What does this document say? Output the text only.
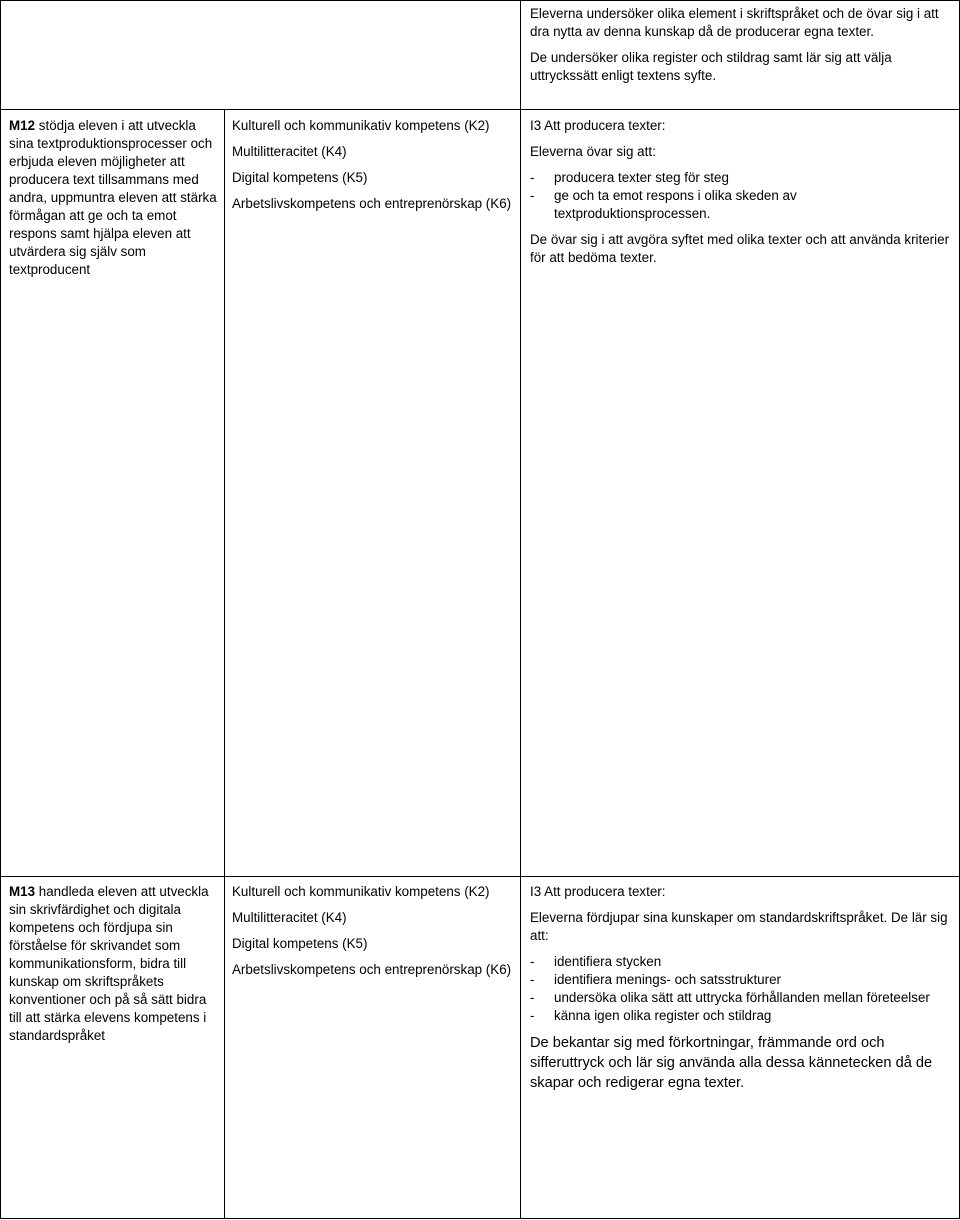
Eleverna undersöker olika element i skriftspråket och de övar sig i att dra nytta av denna kunskap då de producerar egna texter.

De undersöker olika register och stildrag samt lär sig att välja uttryckssätt enligt textens syfte.

M12 stödja eleven i att utveckla sina textproduktionsprocesser och erbjuda eleven möjligheter att producera text tillsammans med andra, uppmuntra eleven att stärka förmågan att ge och ta emot respons samt hjälpa eleven att utvärdera sig själv som textproducent

Kulturell och kommunikativ kompetens (K2)

Multilitteracitet (K4)

Digital kompetens (K5)

Arbetslivskompetens och entreprenörskap (K6)

I3 Att producera texter:

Eleverna övar sig att:

- producera texter steg för steg
- ge och ta emot respons i olika skeden av textproduktionsprocessen.

De övar sig i att avgöra syftet med olika texter och att använda kriterier för att bedöma texter.

M13 handleda eleven att utveckla sin skrivfärdighet och digitala kompetens och fördjupa sin förståelse för skrivandet som kommunikationsform, bidra till kunskap om skriftspråkets konventioner och på så sätt bidra till att stärka elevens kompetens i standardspråket

Kulturell och kommunikativ kompetens (K2)

Multilitteracitet (K4)

Digital kompetens (K5)

Arbetslivskompetens och entreprenörskap (K6)

I3 Att producera texter:

Eleverna fördjupar sina kunskaper om standardskriftspråket. De lär sig att:

- identifiera stycken
- identifiera menings- och satsstrukturer
- undersöka olika sätt att uttrycka förhållanden mellan företeelser
- känna igen olika register och stildrag

De bekantar sig med förkortningar, främmande ord och sifferuttryck och lär sig använda alla dessa kännetecken då de skapar och redigerar egna texter.
